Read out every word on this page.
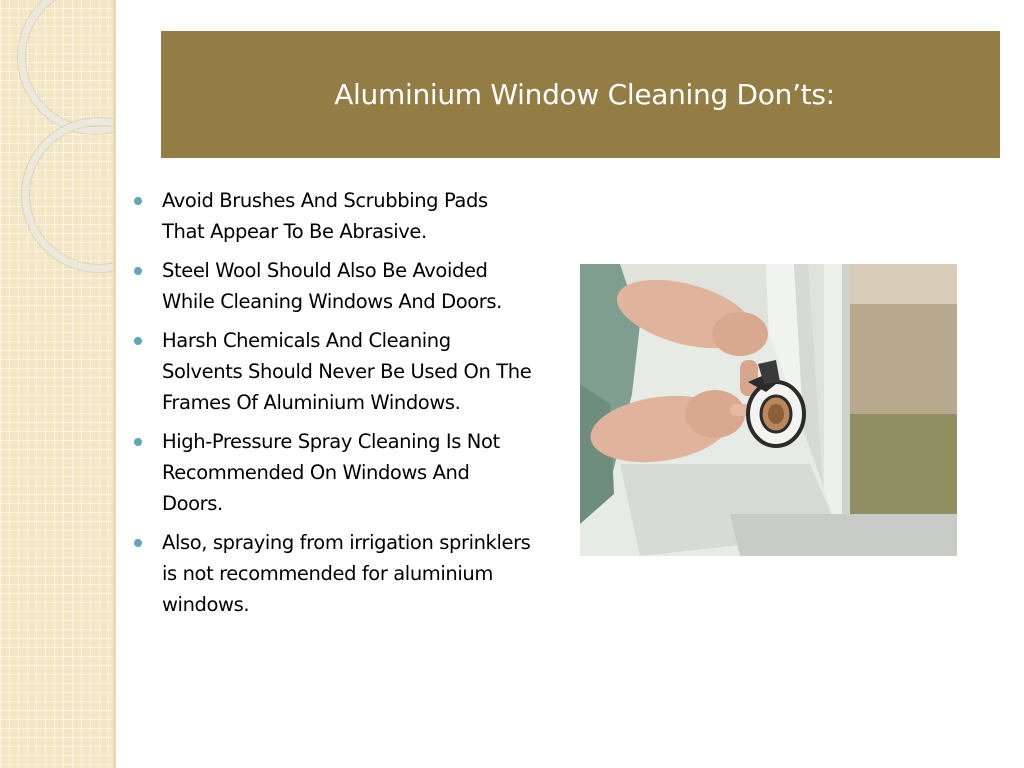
Aluminium Window Cleaning Don’ts:
Avoid Brushes And Scrubbing Pads That Appear To Be Abrasive.
Steel Wool Should Also Be Avoided While Cleaning Windows And Doors.
Harsh Chemicals And Cleaning Solvents Should Never Be Used On The Frames Of Aluminium Windows.
High-Pressure Spray Cleaning Is Not Recommended On Windows And Doors.
Also, spraying from irrigation sprinklers is not recommended for aluminium windows.
